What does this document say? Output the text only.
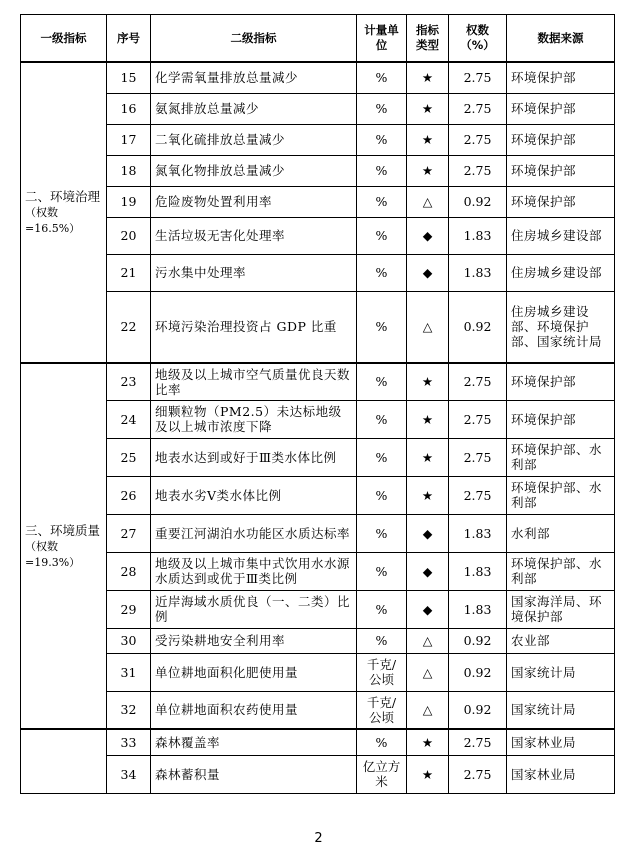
一级指标	序号	二级指标	计量单位	指标类型	权数（%）	数据来源
二、环境治理（权数=16.5%）	15	化学需氧量排放总量减少	%	★	2.75	环境保护部
	16	氨氮排放总量减少	%	★	2.75	环境保护部
	17	二氧化硫排放总量减少	%	★	2.75	环境保护部
	18	氮氧化物排放总量减少	%	★	2.75	环境保护部
	19	危险废物处置利用率	%	△	0.92	环境保护部
	20	生活垃圾无害化处理率	%	◆	1.83	住房城乡建设部
	21	污水集中处理率	%	◆	1.83	住房城乡建设部
	22	环境污染治理投资占 GDP 比重	%	△	0.92	住房城乡建设部、环境保护部、国家统计局
三、环境质量（权数=19.3%）	23	地级及以上城市空气质量优良天数比率	%	★	2.75	环境保护部
	24	细颗粒物（PM2.5）未达标地级及以上城市浓度下降	%	★	2.75	环境保护部
	25	地表水达到或好于Ⅲ类水体比例	%	★	2.75	环境保护部、水利部
	26	地表水劣Ⅴ类水体比例	%	★	2.75	环境保护部、水利部
	27	重要江河湖泊水功能区水质达标率	%	◆	1.83	水利部
	28	地级及以上城市集中式饮用水水源水质达到或优于Ⅲ类比例	%	◆	1.83	环境保护部、水利部
	29	近岸海域水质优良（一、二类）比例	%	◆	1.83	国家海洋局、环境保护部
	30	受污染耕地安全利用率	%	△	0.92	农业部
	31	单位耕地面积化肥使用量	千克/公顷	△	0.92	国家统计局
	32	单位耕地面积农药使用量	千克/公顷	△	0.92	国家统计局
	33	森林覆盖率	%	★	2.75	国家林业局
	34	森林蓄积量	亿立方米	★	2.75	国家林业局
2
